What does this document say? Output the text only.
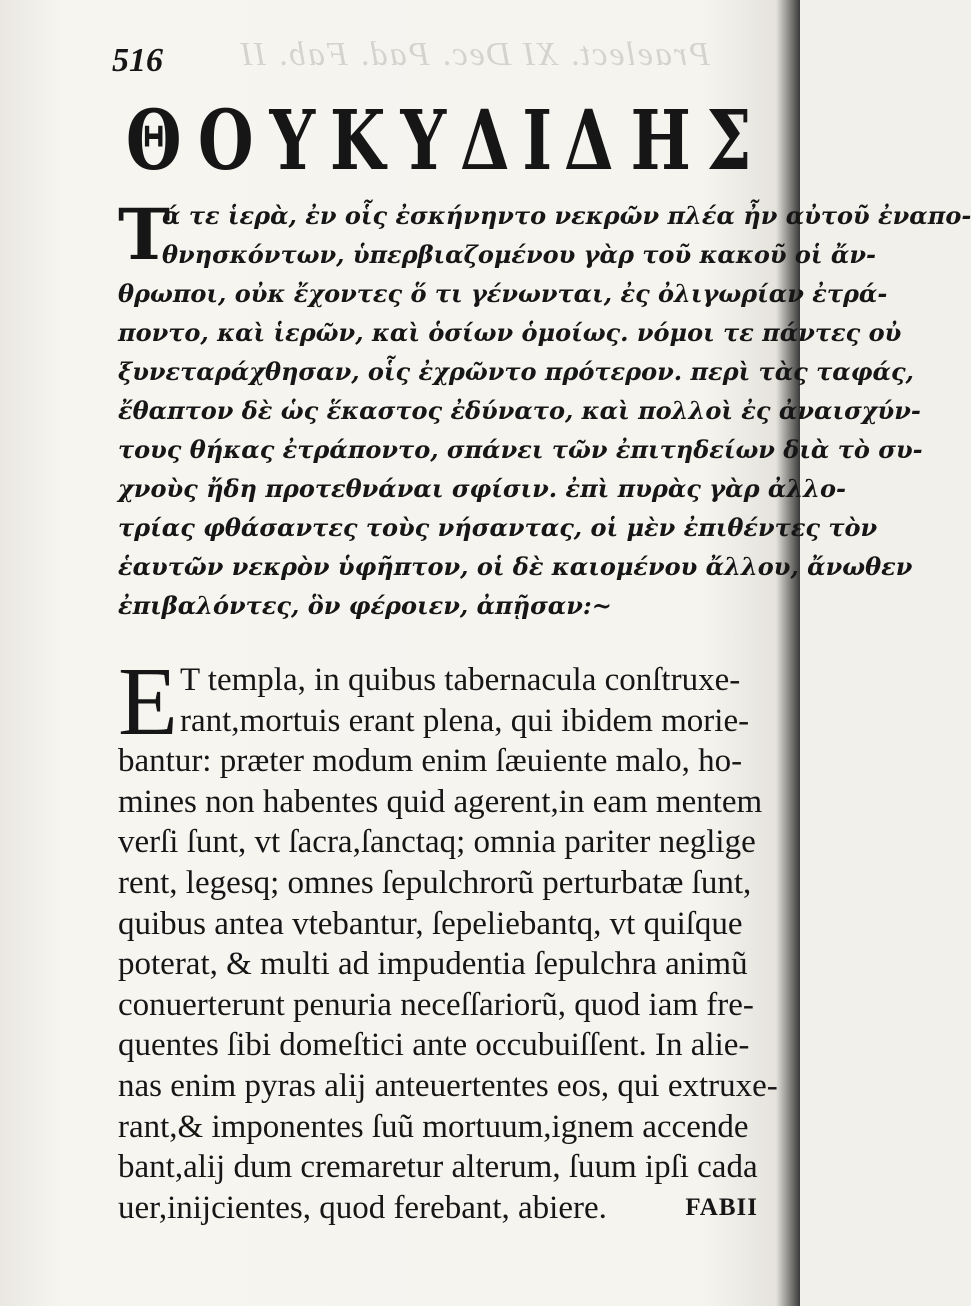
Praelect. XI Dec. Pad. Fab. II
516
Θ Ο Υ Κ Υ Δ Ι Δ Η Σ
Τ
ά τε ἱερὰ, ἐν οἷς ἐσκήνηντο νεκρῶν πλέα ἦν αὐτοῦ ἐναπο-
θνησκόντων, ὑπερβιαζομένου γὰρ τοῦ κακοῦ οἱ ἄν-
θρωποι, οὐκ ἔχοντες ὅ τι γένωνται, ἐς ὀλιγωρίαν ἐτρά-
ποντο, καὶ ἱερῶν, καὶ ὁσίων ὁμοίως. νόμοι τε πάντες οὐ
ξυνεταράχθησαν, οἷς ἐχρῶντο πρότερον. περὶ τὰς ταφάς,
ἔθαπτον δὲ ὡς ἕκαστος ἐδύνατο, καὶ πολλοὶ ἐς ἀναισχύν-
τους θήκας ἐτράποντο, σπάνει τῶν ἐπιτηδείων διὰ τὸ συ-
χνοὺς ἤδη προτεθνάναι σφίσιν. ἐπὶ πυρὰς γὰρ ἀλλο-
τρίας φθάσαντες τοὺς νήσαντας, οἱ μὲν ἐπιθέντες τὸν
ἑαυτῶν νεκρὸν ὑφῆπτον, οἱ δὲ καιομένου ἄλλου, ἄνωθεν
ἐπιβαλόντες, ὃν φέροιεν, ἀπῇσαν:~
E T templa, in quibus tabernacula conſtruxe-
rant,mortuis erant plena, qui ibidem morie-
bantur: præter modum enim ſæuiente malo, ho-
mines non habentes quid agerent,in eam mentem
verſi ſunt, vt ſacra,ſanctaq; omnia pariter neglige
rent, legesq; omnes ſepulchrorũ perturbatæ ſunt,
quibus antea vtebantur, ſepeliebantq, vt quiſque
poterat, & multi ad impudentia ſepulchra animũ
conuerterunt penuria neceſſariorũ, quod iam fre-
quentes ſibi domeſtici ante occubuiſſent. In alie-
nas enim pyras alij anteuertentes eos, qui extruxe-
rant,& imponentes ſuũ mortuum,ignem accende
bant,alij dum cremaretur alterum, ſuum ipſi cada
uer,inijcientes, quod ferebant, abiere.	FABII
